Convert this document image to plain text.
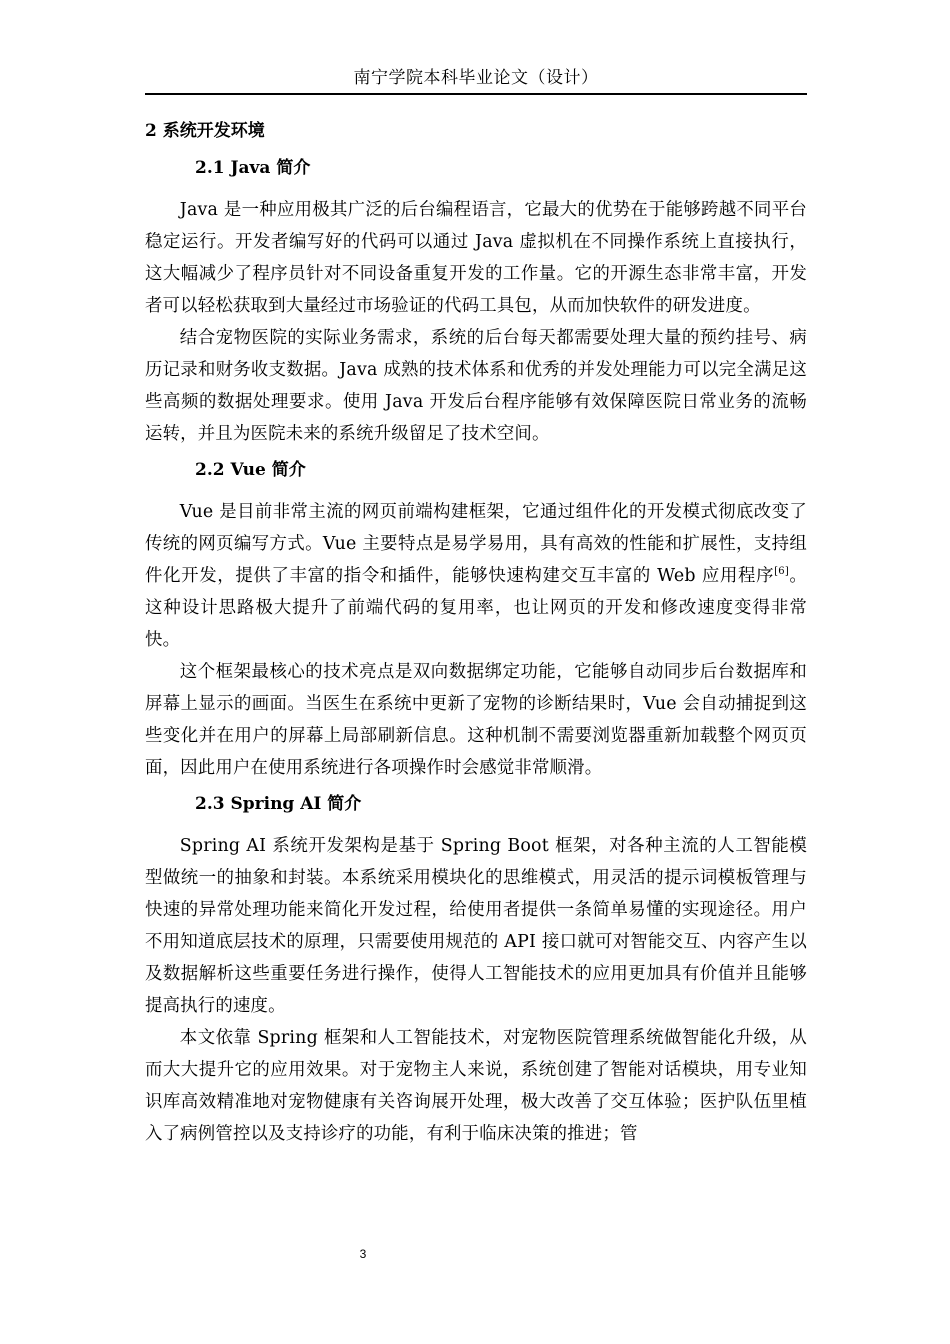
南宁学院本科毕业论文（设计）
2 系统开发环境
2.1 Java 简介

Java 是一种应用极其广泛的后台编程语言，它最大的优势在于能够跨越不同平台稳定运行。开发者编写好的代码可以通过 Java 虚拟机在不同操作系统上直接执行，这大幅减少了程序员针对不同设备重复开发的工作量。它的开源生态非常丰富，开发者可以轻松获取到大量经过市场验证的代码工具包，从而加快软件的研发进度。

结合宠物医院的实际业务需求，系统的后台每天都需要处理大量的预约挂号、病历记录和财务收支数据。Java 成熟的技术体系和优秀的并发处理能力可以完全满足这些高频的数据处理要求。使用 Java 开发后台程序能够有效保障医院日常业务的流畅运转，并且为医院未来的系统升级留足了技术空间。

2.2 Vue 简介

Vue 是目前非常主流的网页前端构建框架，它通过组件化的开发模式彻底改变了传统的网页编写方式。Vue 主要特点是易学易用，具有高效的性能和扩展性，支持组件化开发，提供了丰富的指令和插件，能够快速构建交互丰富的 Web 应用程序[6]。这种设计思路极大提升了前端代码的复用率，也让网页的开发和修改速度变得非常快。

这个框架最核心的技术亮点是双向数据绑定功能，它能够自动同步后台数据库和屏幕上显示的画面。当医生在系统中更新了宠物的诊断结果时，Vue 会自动捕捉到这些变化并在用户的屏幕上局部刷新信息。这种机制不需要浏览器重新加载整个网页页面，因此用户在使用系统进行各项操作时会感觉非常顺滑。

2.3 Spring AI 简介

Spring AI 系统开发架构是基于 Spring Boot 框架，对各种主流的人工智能模型做统一的抽象和封装。本系统采用模块化的思维模式，用灵活的提示词模板管理与快速的异常处理功能来简化开发过程，给使用者提供一条简单易懂的实现途径。用户不用知道底层技术的原理，只需要使用规范的 API 接口就可对智能交互、内容产生以及数据解析这些重要任务进行操作，使得人工智能技术的应用更加具有价值并且能够提高执行的速度。

本文依靠 Spring 框架和人工智能技术，对宠物医院管理系统做智能化升级，从而大大提升它的应用效果。对于宠物主人来说，系统创建了智能对话模块，用专业知识库高效精准地对宠物健康有关咨询展开处理，极大改善了交互体验；医护队伍里植入了病例管控以及支持诊疗的功能，有利于临床决策的推进；管

3
